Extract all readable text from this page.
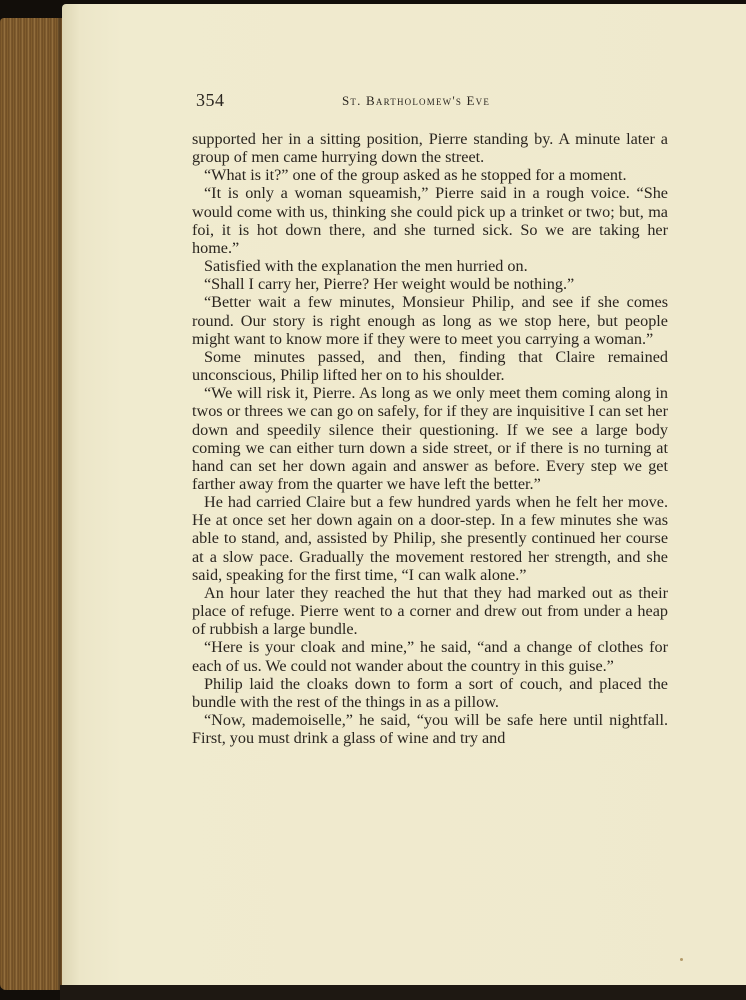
354	St. Bartholomew's Eve

supported her in a sitting position, Pierre standing by. A minute later a group of men came hurrying down the street.

“What is it?” one of the group asked as he stopped for a moment.

“It is only a woman squeamish,” Pierre said in a rough voice. “She would come with us, thinking she could pick up a trinket or two; but, ma foi, it is hot down there, and she turned sick. So we are taking her home.”

Satisfied with the explanation the men hurried on.

“Shall I carry her, Pierre? Her weight would be nothing.”

“Better wait a few minutes, Monsieur Philip, and see if she comes round. Our story is right enough as long as we stop here, but people might want to know more if they were to meet you carrying a woman.”

Some minutes passed, and then, finding that Claire remained unconscious, Philip lifted her on to his shoulder.

“We will risk it, Pierre. As long as we only meet them coming along in twos or threes we can go on safely, for if they are inquisitive I can set her down and speedily silence their questioning. If we see a large body coming we can either turn down a side street, or if there is no turning at hand can set her down again and answer as before. Every step we get farther away from the quarter we have left the better.”

He had carried Claire but a few hundred yards when he felt her move. He at once set her down again on a door-step. In a few minutes she was able to stand, and, assisted by Philip, she presently continued her course at a slow pace. Gradually the movement restored her strength, and she said, speaking for the first time, “I can walk alone.”

An hour later they reached the hut that they had marked out as their place of refuge. Pierre went to a corner and drew out from under a heap of rubbish a large bundle.

“Here is your cloak and mine,” he said, “and a change of clothes for each of us. We could not wander about the country in this guise.”

Philip laid the cloaks down to form a sort of couch, and placed the bundle with the rest of the things in as a pillow.

“Now, mademoiselle,” he said, “you will be safe here until nightfall. First, you must drink a glass of wine and try and
